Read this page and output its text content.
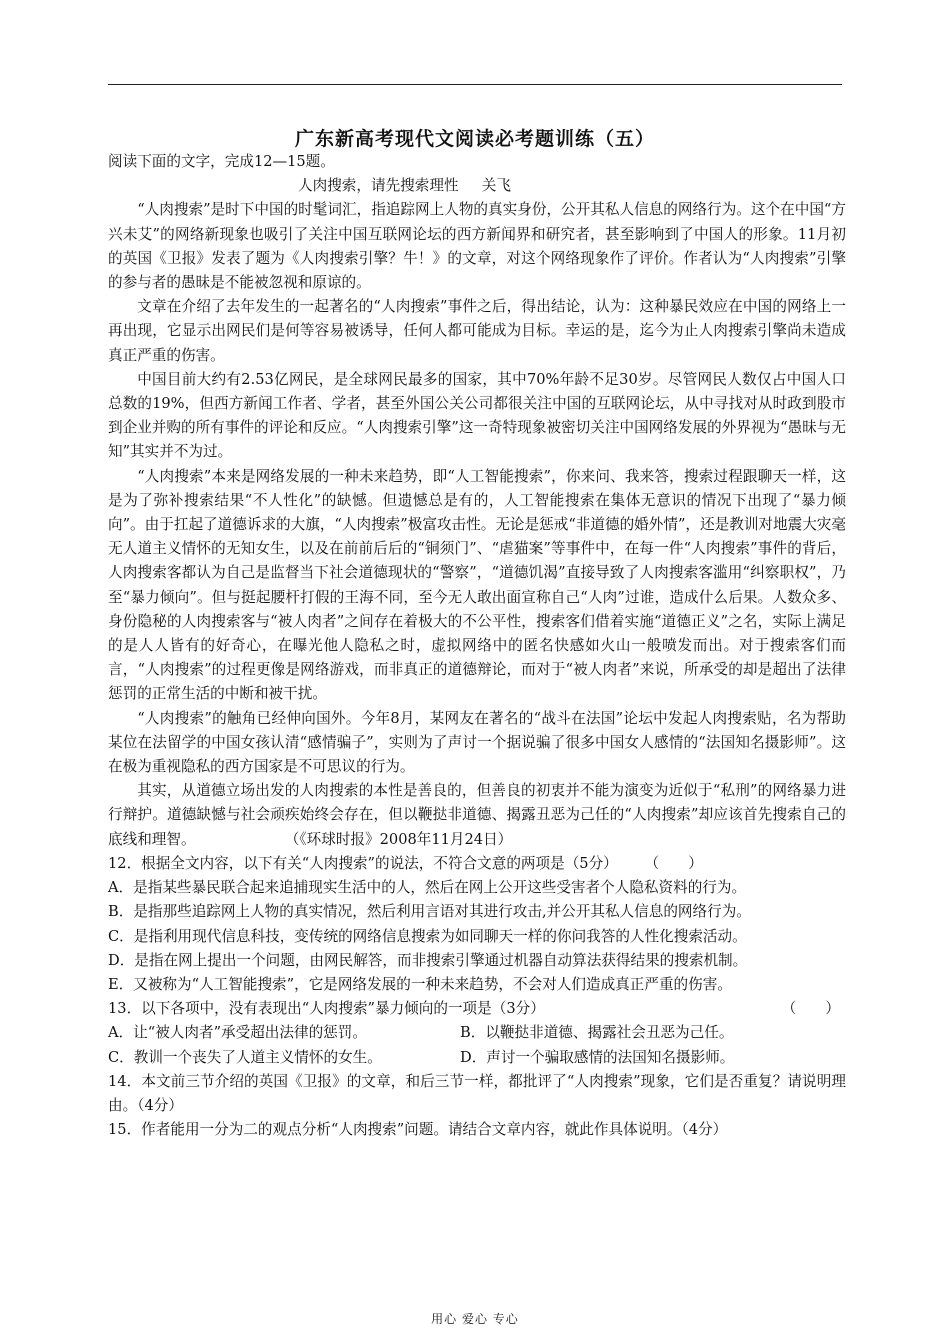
广东新高考现代文阅读必考题训练（五）

阅读下面的文字，完成12—15题。

人肉搜索，请先搜索理性     关飞

“人肉搜索”是时下中国的时髦词汇，指追踪网上人物的真实身份，公开其私人信息的网络行为。这个在中国“方兴未艾”的网络新现象也吸引了关注中国互联网论坛的西方新闻界和研究者，甚至影响到了中国人的形象。11月初的英国《卫报》发表了题为《人肉搜索引擎？牛！》的文章，对这个网络现象作了评价。作者认为“人肉搜索”引擎的参与者的愚昧是不能被忽视和原谅的。

文章在介绍了去年发生的一起著名的“人肉搜索”事件之后，得出结论，认为：这种暴民效应在中国的网络上一再出现，它显示出网民们是何等容易被诱导，任何人都可能成为目标。幸运的是，迄今为止人肉搜索引擎尚未造成真正严重的伤害。

中国目前大约有2.53亿网民，是全球网民最多的国家，其中70%年龄不足30岁。尽管网民人数仅占中国人口总数的19%，但西方新闻工作者、学者，甚至外国公关公司都很关注中国的互联网论坛，从中寻找对从时政到股市到企业并购的所有事件的评论和反应。“人肉搜索引擎”这一奇特现象被密切关注中国网络发展的外界视为“愚昧与无知”其实并不为过。

“人肉搜索”本来是网络发展的一种未来趋势，即“人工智能搜索”，你来问、我来答，搜索过程跟聊天一样，这是为了弥补搜索结果“不人性化”的缺憾。但遗憾总是有的，人工智能搜索在集体无意识的情况下出现了“暴力倾向”。由于扛起了道德诉求的大旗，“人肉搜索”极富攻击性。无论是惩戒“非道德的婚外情”，还是教训对地震大灾毫无人道主义情怀的无知女生，以及在前前后后的“铜须门”、“虐猫案”等事件中，在每一件“人肉搜索”事件的背后，人肉搜索客都认为自己是监督当下社会道德现状的“警察”，“道德饥渴”直接导致了人肉搜索客滥用“纠察职权”，乃至“暴力倾向”。但与挺起腰杆打假的王海不同，至今无人敢出面宣称自己“人肉”过谁，造成什么后果。人数众多、身份隐秘的人肉搜索客与“被人肉者”之间存在着极大的不公平性，搜索客们借着实施“道德正义”之名，实际上满足的是人人皆有的好奇心，在曝光他人隐私之时，虚拟网络中的匿名快感如火山一般喷发而出。对于搜索客们而言，“人肉搜索”的过程更像是网络游戏，而非真正的道德辩论，而对于“被人肉者”来说，所承受的却是超出了法律惩罚的正常生活的中断和被干扰。

“人肉搜索”的触角已经伸向国外。今年8月，某网友在著名的“战斗在法国”论坛中发起人肉搜索贴，名为帮助某位在法留学的中国女孩认清“感情骗子”，实则为了声讨一个据说骗了很多中国女人感情的“法国知名摄影师”。这在极为重视隐私的西方国家是不可思议的行为。

其实，从道德立场出发的人肉搜索的本性是善良的，但善良的初衷并不能为演变为近似于“私刑”的网络暴力进行辩护。道德缺憾与社会顽疾始终会存在，但以鞭挞非道德、揭露丑恶为己任的“人肉搜索”却应该首先搜索自己的底线和理智。	（《环球时报》2008年11月24日）

12．根据全文内容，以下有关“人肉搜索”的说法，不符合文意的两项是（5分） （　　）

A．是指某些暴民联合起来追捕现实生活中的人，然后在网上公开这些受害者个人隐私资料的行为。

B．是指那些追踪网上人物的真实情况，然后利用言语对其进行攻击,并公开其私人信息的网络行为。

C．是指利用现代信息科技，变传统的网络信息搜索为如同聊天一样的你问我答的人性化搜索活动。

D．是指在网上提出一个问题，由网民解答，而非搜索引擎通过机器自动算法获得结果的搜索机制。

E．又被称为“人工智能搜索”，它是网络发展的一种未来趋势，不会对人们造成真正严重的伤害。

13．以下各项中，没有表现出“人肉搜索”暴力倾向的一项是（3分）	（　　）

A．让“被人肉者”承受超出法律的惩罚。	B．以鞭挞非道德、揭露社会丑恶为己任。
C．教训一个丧失了人道主义情怀的女生。	D．声讨一个骗取感情的法国知名摄影师。

14．本文前三节介绍的英国《卫报》的文章，和后三节一样，都批评了“人肉搜索”现象，它们是否重复？请说明理由。（4分）

15．作者能用一分为二的观点分析“人肉搜索”问题。请结合文章内容，就此作具体说明。（4分）

用心 爱心 专心
